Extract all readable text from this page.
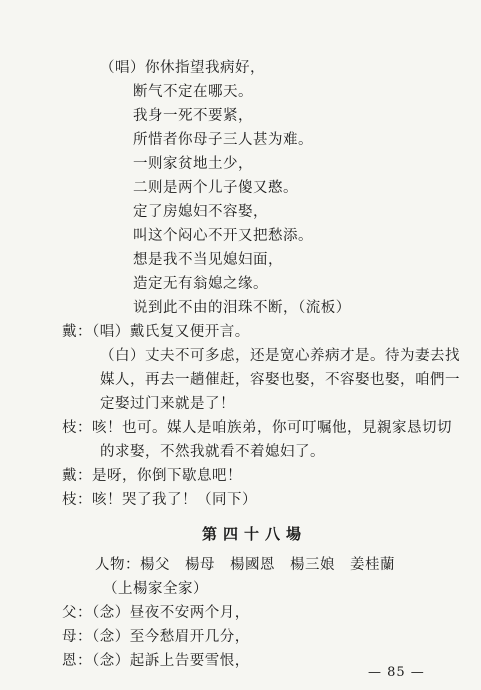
（唱）你休指望我病好，
断气不定在哪天。
我身一死不要紧，
所惜者你母子三人甚为难。
一则家贫地土少，
二则是两个儿子傻又憨。
定了房媳妇不容娶，
叫这个闷心不开又把愁添。
想是我不当见媳妇面，
造定无有翁媳之缘。
说到此不由的泪珠不断，（流板）
戴：（唱）戴氏复又便开言。
（白）丈夫不可多虑，还是宽心养病才是。待为妻去找
媒人，再去一趟催赶，容娶也娶，不容娶也娶，咱們一
定娶过门来就是了！
枝：咳！也可。媒人是咱族弟，你可叮嘱他，見親家恳切切
的求娶，不然我就看不着媳妇了。
戴：是呀，你倒下歇息吧！
枝：咳！哭了我了！（同下）
第四十八場
人物：楊父　楊母　楊國恩　楊三娘　姜桂蘭
（上楊家全家）
父：（念）昼夜不安两个月，
母：（念）至今愁眉开几分，
恩：（念）起訴上告要雪恨，
— 85 —
